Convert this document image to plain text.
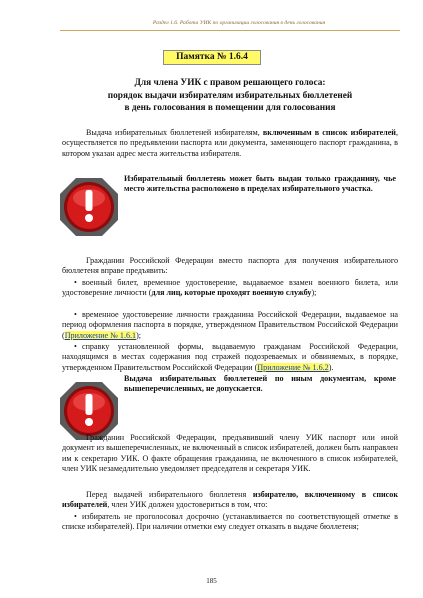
Раздел 1.6. Работа УИК по организации голосования в день голосования
Памятка № 1.6.4
Для члена УИК с правом решающего голоса:
порядок выдачи избирателям избирательных бюллетеней
в день голосования в помещении для голосования
Выдача избирательных бюллетеней избирателям, включенным в список избирателей, осуществляется по предъявлении паспорта или документа, заменяющего паспорт гражданина, в котором указан адрес места жительства избирателя.
Избирательный бюллетень может быть выдан только гражданину, чье место жительства расположено в пределах избирательного участка.
Гражданин Российской Федерации вместо паспорта для получения избирательного бюллетеня вправе предъявить:
• военный билет, временное удостоверение, выдаваемое взамен военного билета, или удостоверение личности (для лиц, которые проходят военную службу);
• временное удостоверение личности гражданина Российской Федерации, выдаваемое на период оформления паспорта в порядке, утвержденном Правительством Российской Федерации (Приложение № 1.6.1);
• справку установленной формы, выдаваемую гражданам Российской Федерации, находящимся в местах содержания под стражей подозреваемых и обвиняемых, в порядке, утвержденном Правительством Российской Федерации (Приложение № 1.6.2).
Выдача избирательных бюллетеней по иным документам, кроме вышеперечисленных, не допускается.
Гражданин Российской Федерации, предъявивший члену УИК паспорт или иной документ из вышеперечисленных, не включенный в список избирателей, должен быть направлен им к секретарю УИК. О факте обращения гражданина, не включенного в список избирателей, член УИК незамедлительно уведомляет председателя и секретаря УИК.
Перед выдачей избирательного бюллетеня избирателю, включенному в список избирателей, член УИК должен удостовериться в том, что:
• избиратель не проголосовал досрочно (устанавливается по соответствующей отметке в списке избирателей). При наличии отметки ему следует отказать в выдаче бюллетеня;
185
